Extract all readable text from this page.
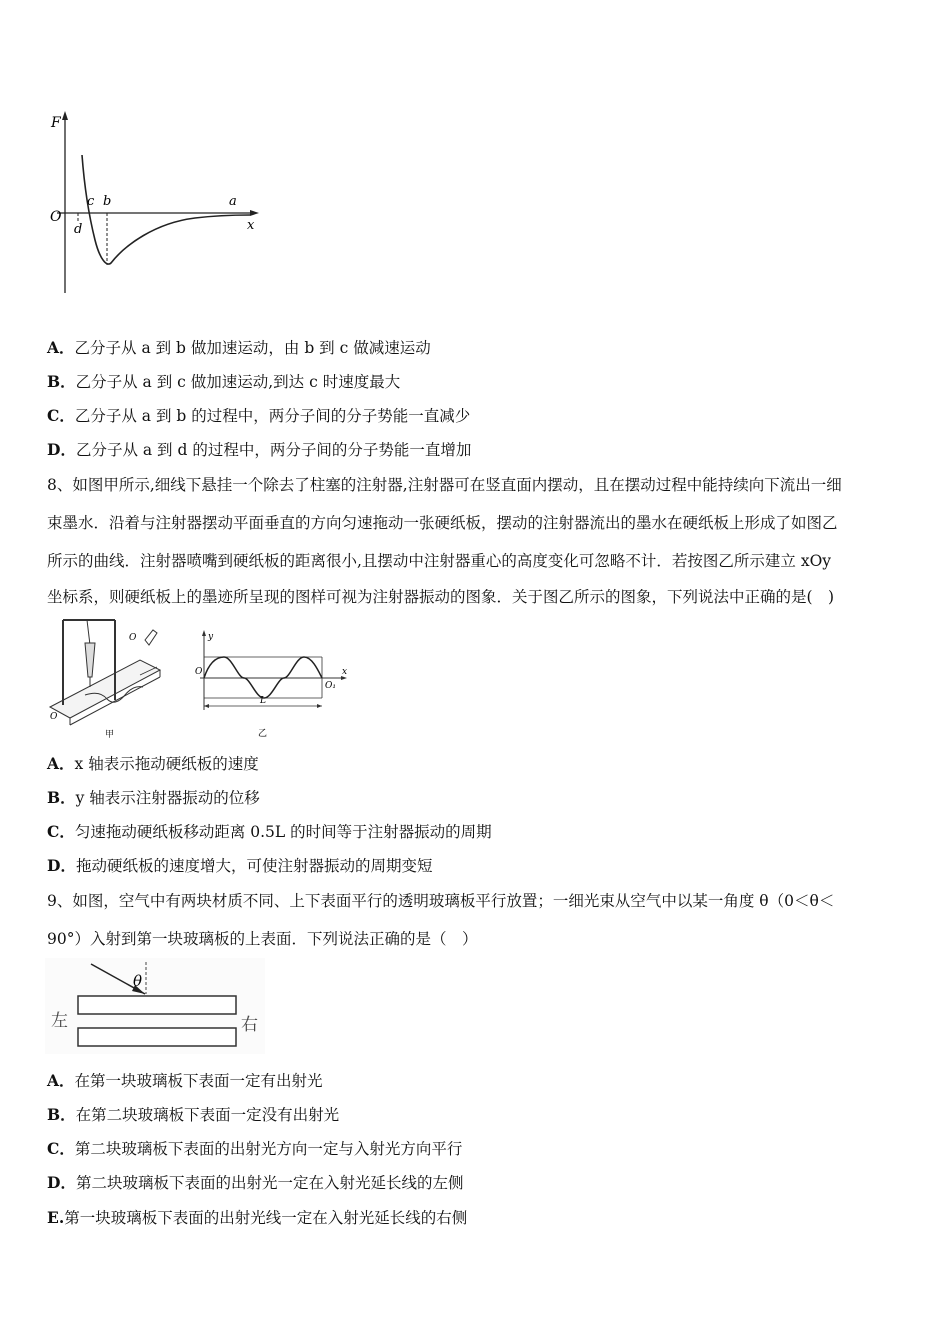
F
O
c b	a
d	x
A．乙分子从 a 到 b 做加速运动，由 b 到 c 做减速运动
B．乙分子从 a 到 c 做加速运动,到达 c 时速度最大
C．乙分子从 a 到 b 的过程中，两分子间的分子势能一直减少
D．乙分子从 a 到 d 的过程中，两分子间的分子势能一直增加
8、如图甲所示,细线下悬挂一个除去了柱塞的注射器,注射器可在竖直面内摆动，且在摆动过程中能持续向下流出一细
束墨水．沿着与注射器摆动平面垂直的方向匀速拖动一张硬纸板，摆动的注射器流出的墨水在硬纸板上形成了如图乙
所示的曲线．注射器喷嘴到硬纸板的距离很小,且摆动中注射器重心的高度变化可忽略不计．若按图乙所示建立 xOy
坐标系，则硬纸板上的墨迹所呈现的图样可视为注射器振动的图象．关于图乙所示的图象，下列说法中正确的是(　)
O
O
甲
y
O
O₁
x
L
乙
A．x 轴表示拖动硬纸板的速度
B．y 轴表示注射器振动的位移
C．匀速拖动硬纸板移动距离 0.5L 的时间等于注射器振动的周期
D．拖动硬纸板的速度增大，可使注射器振动的周期变短
9、如图，空气中有两块材质不同、上下表面平行的透明玻璃板平行放置；一细光束从空气中以某一角度 θ（0＜θ＜
90°）入射到第一块玻璃板的上表面．下列说法正确的是（　）
θ
左	右
A．在第一块玻璃板下表面一定有出射光
B．在第二块玻璃板下表面一定没有出射光
C．第二块玻璃板下表面的出射光方向一定与入射光方向平行
D．第二块玻璃板下表面的出射光一定在入射光延长线的左侧
E.第一块玻璃板下表面的出射光线一定在入射光延长线的右侧
